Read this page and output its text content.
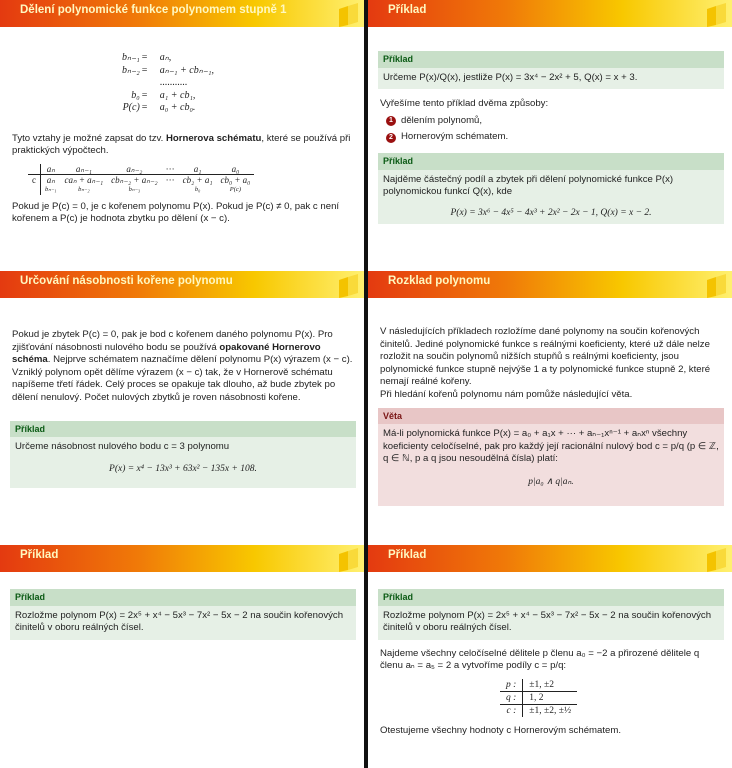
Dělení polynomické funkce polynomem stupně 1
bₙ₋₁ =	aₙ,
bₙ₋₂ =	aₙ₋₁ + cbₙ₋₁,
...........
b₀ =	a₁ + cb₁,
P(c) =	a₀ + cb₀.

Tyto vztahy je možné zapsat do tzv. Hornerova schématu, které se používá při praktických výpočtech.

	aₙ	aₙ₋₁	aₙ₋₂	···	a₁	a₀
c	aₙ	caₙ + aₙ₋₁	cbₙ₋₂ + aₙ₋₂	···	cb₂ + a₁	cb₀ + a₀
	bₙ₋₁	bₙ₋₂	bₙ₋₃		b₀	P(c)

Pokud je P(c) = 0, je c kořenem polynomu P(x). Pokud je P(c) ≠ 0, pak c není kořenem a P(c) je hodnota zbytku po dělení (x − c).

Příklad
Příklad
Určeme P(x)/Q(x), jestliže P(x) = 3x⁴ − 2x² + 5, Q(x) = x + 3.

Vyřešíme tento příklad dvěma způsoby:

1 dělením polynomů,
2 Hornerovým schématem.
Příklad
Najděme částečný podíl a zbytek při dělení polynomické funkce P(x) polynomickou funkcí Q(x), kde
P(x) = 3x⁶ − 4x⁵ − 4x³ + 2x² − 2x − 1, Q(x) = x − 2.
Určování násobnosti kořene polynomu

Pokud je zbytek P(c) = 0, pak je bod c kořenem daného polynomu P(x). Pro zjišťování násobnosti nulového bodu se používá opakované Hornerovo schéma. Nejprve schématem naznačíme dělení polynomu P(x) výrazem (x − c). Vzniklý polynom opět dělíme výrazem (x − c) tak, že v Hornerově schématu napíšeme třetí řádek. Celý proces se opakuje tak dlouho, až bude zbytek po dělení nenulový. Počet nulových zbytků je roven násobnosti kořene.

Příklad
Určeme násobnost nulového bodu c = 3 polynomu
P(x) = x⁴ − 13x³ + 63x² − 135x + 108.
Rozklad polynomu

V následujících příkladech rozložíme dané polynomy na součin kořenových činitelů. Jediné polynomické funkce s reálnými koeficienty, které už dále nelze rozložit na součin polynomů nižších stupňů s reálnými koeficienty, jsou polynomické funkce stupně nejvýše 1 a ty polynomické funkce stupně 2, které nemají reálné kořeny.

Při hledání kořenů polynomu nám pomůže následující věta.

Věta
Má-li polynomická funkce P(x) = a₀ + a₁x + ··· + aₙ₋₁xⁿ⁻¹ + aₙxⁿ všechny koeficienty celočíselné, pak pro každý její racionální nulový bod c = p/q (p ∈ ℤ, q ∈ ℕ, p a q jsou nesoudělná čísla) platí:
p|a₀ ∧ q|aₙ.
Příklad
Příklad
Rozložme polynom P(x) = 2x⁵ + x⁴ − 5x³ − 7x² − 5x − 2 na součin kořenových činitelů v oboru reálných čísel.
Příklad
Příklad
Rozložme polynom P(x) = 2x⁵ + x⁴ − 5x³ − 7x² − 5x − 2 na součin kořenových činitelů v oboru reálných čísel.

Najdeme všechny celočíselné dělitele p členu a₀ = −2 a přirozené dělitele q členu aₙ = a₅ = 2 a vytvoříme podíly c = p/q:

p :	±1, ±2
q :	1, 2
c :	±1, ±2, ±½

Otestujeme všechny hodnoty c Hornerovým schématem.
